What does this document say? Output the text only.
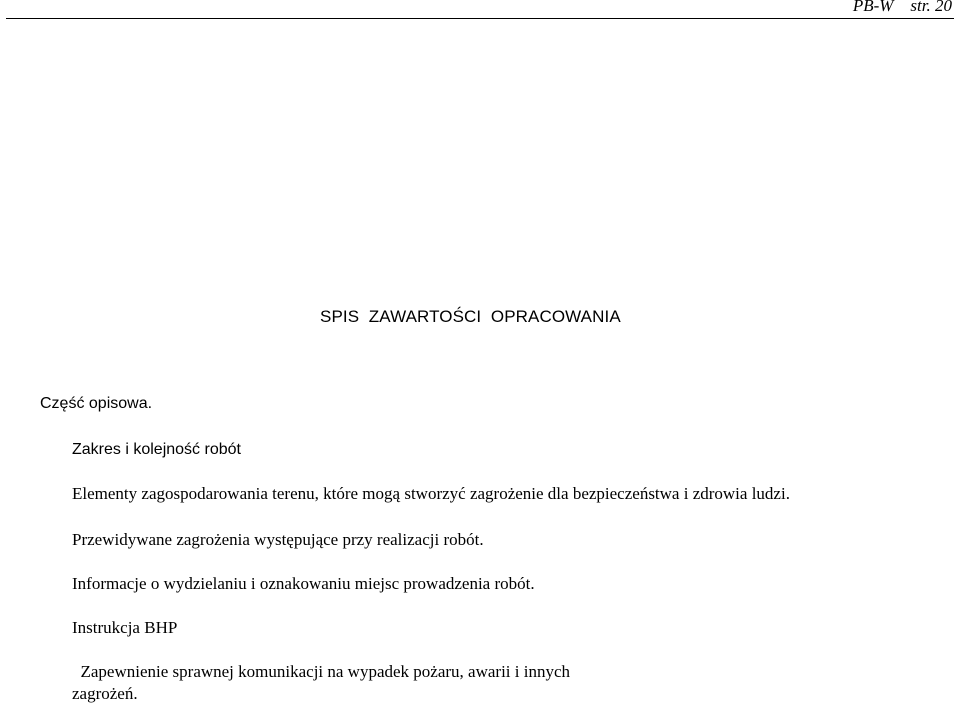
PB-W str. 20
SPIS  ZAWARTOŚCI  OPRACOWANIA
Część opisowa.
Zakres i kolejność robót
Elementy zagospodarowania terenu, które mogą stworzyć zagrożenie dla bezpieczeństwa i zdrowia ludzi.
Przewidywane zagrożenia występujące przy realizacji robót.
Informacje o wydzielaniu i oznakowaniu miejsc prowadzenia robót.
Instrukcja BHP
Zapewnienie sprawnej komunikacji na wypadek pożaru, awarii i innych
zagrożeń.
